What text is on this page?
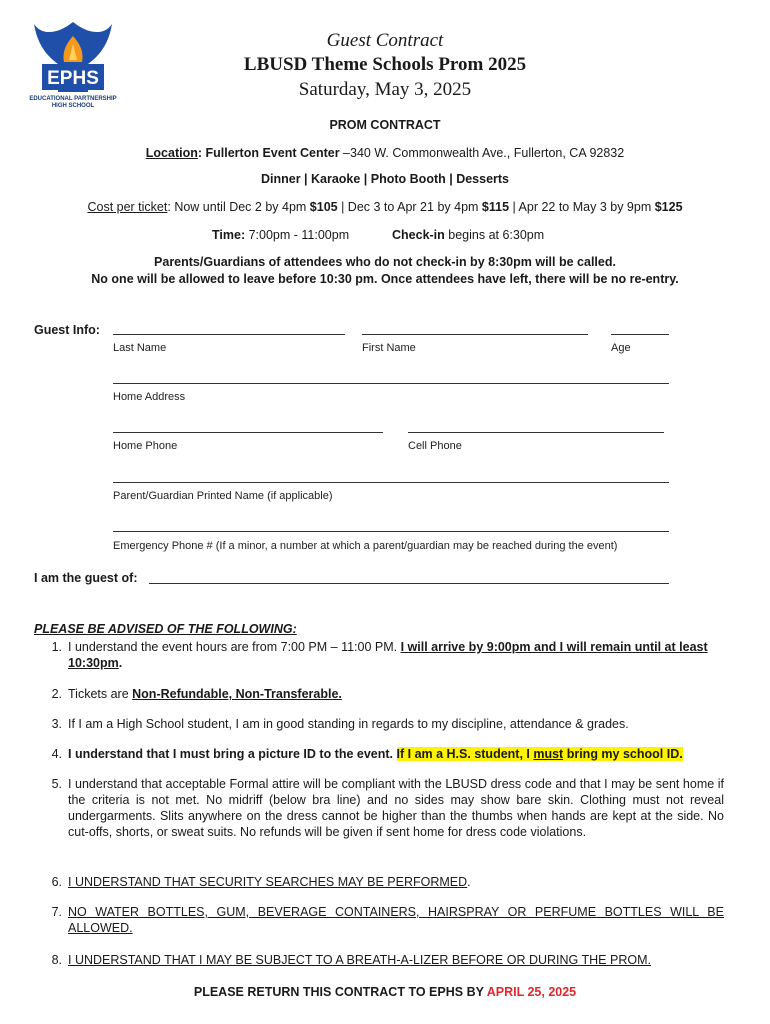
EPHS
EDUCATIONAL PARTNERSHIP
HIGH SCHOOL
Guest Contract
LBUSD Theme Schools Prom 2025
Saturday, May 3, 2025
PROM CONTRACT
Location: Fullerton Event Center –340 W. Commonwealth Ave., Fullerton, CA 92832
Dinner | Karaoke | Photo Booth | Desserts
Cost per ticket: Now until Dec 2 by 4pm $105 | Dec 3 to Apr 21 by 4pm $115 | Apr 22 to May 3 by 9pm $125
Time: 7:00pm - 11:00pm	Check-in begins at 6:30pm
Parents/Guardians of attendees who do not check-in by 8:30pm will be called.
No one will be allowed to leave before 10:30 pm. Once attendees have left, there will be no re-entry.
Guest Info:
Last Name	First Name	Age
Home Address
Home Phone	Cell Phone
Parent/Guardian Printed Name (if applicable)
Emergency Phone # (If a minor, a number at which a parent/guardian may be reached during the event)
I am the guest of:
PLEASE BE ADVISED OF THE FOLLOWING:
1. I understand the event hours are from 7:00 PM – 11:00 PM. I will arrive by 9:00pm and I will remain until at least 10:30pm.
2. Tickets are Non-Refundable, Non-Transferable.
3. If I am a High School student, I am in good standing in regards to my discipline, attendance & grades.
4. I understand that I must bring a picture ID to the event. If I am a H.S. student, I must bring my school ID.
5. I understand that acceptable Formal attire will be compliant with the LBUSD dress code and that I may be sent home if the criteria is not met. No midriff (below bra line) and no sides may show bare skin. Clothing must not reveal undergarments. Slits anywhere on the dress cannot be higher than the thumbs when hands are kept at the side. No cut-offs, shorts, or sweat suits. No refunds will be given if sent home for dress code violations.
6. I UNDERSTAND THAT SECURITY SEARCHES MAY BE PERFORMED.
7. NO WATER BOTTLES, GUM, BEVERAGE CONTAINERS, HAIRSPRAY OR PERFUME BOTTLES WILL BE ALLOWED.
8. I UNDERSTAND THAT I MAY BE SUBJECT TO A BREATH-A-LIZER BEFORE OR DURING THE PROM.
PLEASE RETURN THIS CONTRACT TO EPHS BY APRIL 25, 2025
